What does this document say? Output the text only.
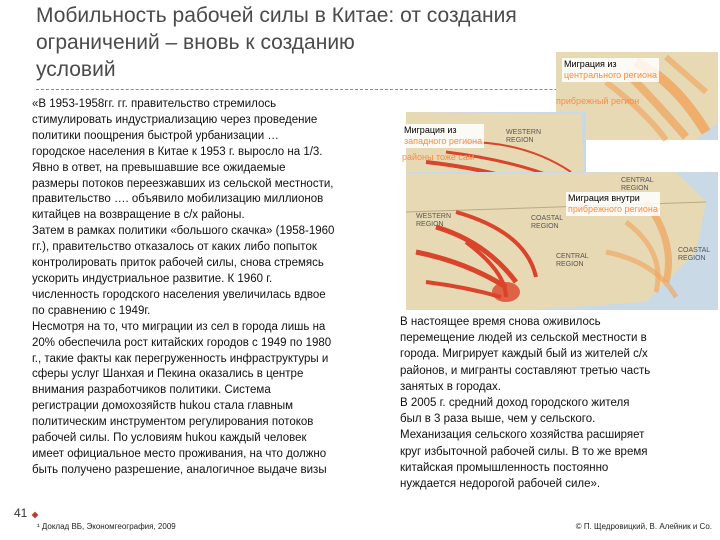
Мобильность рабочей силы в Китае: от создания
ограничений – вновь к созданию
условий
WESTERN
REGION
CENTRAL
REGION
WESTERN
REGION
COASTAL
REGION
CENTRAL
REGION
COASTAL
REGION
Миграция из
центрального региона
прибрежный регион
Миграция из
западного региона
районы тоже сам
Миграция внутри
прибрежного региона
«В 1953-1958гг. гг. правительство стремилось
стимулировать индустриализацию через проведение
политики поощрения быстрой урбанизации …
городское населения в Китае к 1953 г. выросло на 1/3.
Явно в ответ, на превышавшие все ожидаемые
размеры потоков переезжавших из сельской местности,
правительство …. объявило мобилизацию миллионов
китайцев на возвращение в с/х районы.
Затем в рамках политики «большого скачка» (1958-1960
гг.), правительство отказалось от каких либо попыток
контролировать приток рабочей силы, снова стремясь
ускорить индустриальное развитие. К 1960 г.
численность городского населения увеличилась вдвое
по сравнению с 1949г.
Несмотря на то, что миграции из сел в города лишь на
20% обеспечила рост китайских городов с 1949 по 1980
г., такие факты как перегруженность инфраструктуры и
сферы услуг Шанхая и Пекина оказались в центре
внимания разработчиков политики. Система
регистрации домохозяйств hukou стала главным
политическим инструментом регулирования потоков
рабочей силы. По условиям hukou каждый человек
имеет официальное место проживания, на что должно
быть получено разрешение, аналогичное выдаче визы
В настоящее время снова оживилось
перемещение людей из сельской местности в
города. Мигрирует каждый бый из жителей с/х
районов, и мигранты составляют третью часть
занятых в городах.
В 2005 г. средний доход городского жителя
был в 3 раза выше, чем у сельского.
Механизация сельского хозяйства расширяет
круг избыточной рабочей силы. В то же время
китайская промышленность постоянно
нуждается недорогой рабочей силе».
41
¹ Доклад ВБ, Экономгеография, 2009	© П. Щедровицкий, В. Алейник и Со.
